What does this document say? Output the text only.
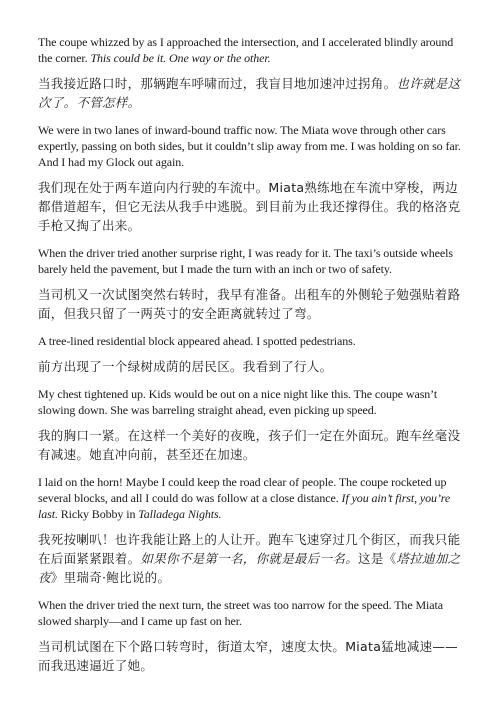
The coupe whizzed by as I approached the intersection, and I accelerated blindly around the corner. This could be it. One way or the other.

当我接近路口时，那辆跑车呼啸而过，我盲目地加速冲过拐角。也许就是这次了。不管怎样。

We were in two lanes of inward-bound traffic now. The Miata wove through other cars expertly, passing on both sides, but it couldn’t slip away from me. I was holding on so far. And I had my Glock out again.

我们现在处于两车道向内行驶的车流中。Miata熟练地在车流中穿梭，两边都借道超车，但它无法从我手中逃脱。到目前为止我还撑得住。我的格洛克手枪又掏了出来。

When the driver tried another surprise right, I was ready for it. The taxi’s outside wheels barely held the pavement, but I made the turn with an inch or two of safety.

当司机又一次试图突然右转时，我早有准备。出租车的外侧轮子勉强贴着路面，但我只留了一两英寸的安全距离就转过了弯。

A tree-lined residential block appeared ahead. I spotted pedestrians.

前方出现了一个绿树成荫的居民区。我看到了行人。

My chest tightened up. Kids would be out on a nice night like this. The coupe wasn’t slowing down. She was barreling straight ahead, even picking up speed.

我的胸口一紧。在这样一个美好的夜晚，孩子们一定在外面玩。跑车丝毫没有减速。她直冲向前，甚至还在加速。

I laid on the horn! Maybe I could keep the road clear of people. The coupe rocketed up several blocks, and all I could do was follow at a close distance. If you ain’t first, you’re last. Ricky Bobby in Talladega Nights.

我死按喇叭！也许我能让路上的人让开。跑车飞速穿过几个街区，而我只能在后面紧紧跟着。如果你不是第一名，你就是最后一名。这是《塔拉迪加之夜》里瑞奇·鲍比说的。

When the driver tried the next turn, the street was too narrow for the speed. The Miata slowed sharply—and I came up fast on her.

当司机试图在下个路口转弯时，街道太窄，速度太快。Miata猛地减速——而我迅速逼近了她。
